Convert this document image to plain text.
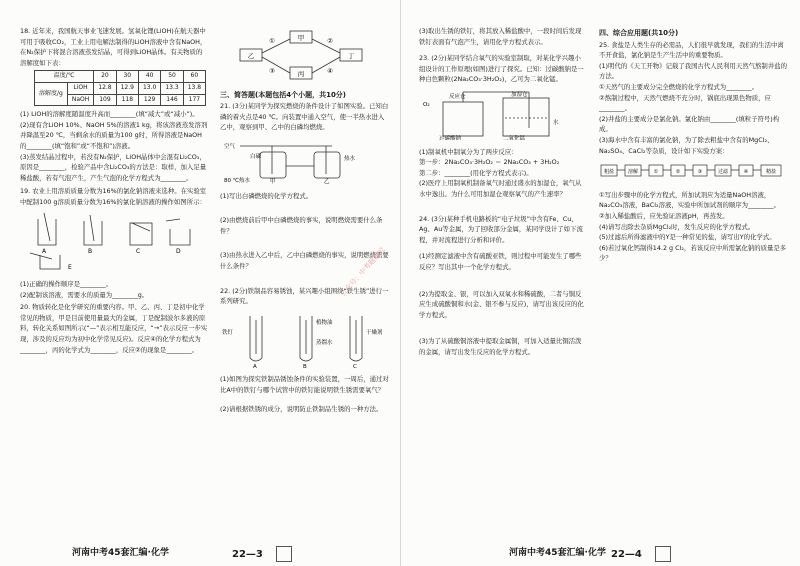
18. 近年来，我国航天事业飞速发展。氢氧化锂(LiOH)在航天器中可用于吸收CO₂，工业上用电解法制得的LiOH溶液中含有NaOH，在N₂保护下将混合溶液蒸发结晶，可得到LiOH晶体。有关物质的溶解度如下表：

温度/℃		20	30	40	50	60
溶解度/g	LiOH	12.8	12.9	13.0	13.3	13.8
	NaOH	109	118	129	146	177

(1) LiOH的溶解度随温度升高而________(填“减大”或“减小”)。

(2)现有含LiOH 10%、NaOH 5%的溶液1 kg，将该溶液蒸发溶剂并降温至20 ℃，当剩余水的质量为100 g时，所得溶液是NaOH的________(填“饱和”或“不饱和”)溶液。

(3)蒸发结晶过程中，若没有N₂保护，LiOH晶体中会混有Li₂CO₃，原因是________，检验产品中含Li₂CO₃的方法是：取样，加入足量稀盐酸，若有气泡产生，产生气泡的化学方程式为________。

19. 农业上用溶质质量分数为16%的氯化钠溶液来选种。在实验室中配制100 g溶质质量分数为16%的氯化钠溶液的操作如图所示：

A	B	C	D
E

(1)正确的操作顺序是________。

(2)配制该溶液，需要水的质量为________g。

20. 物质转化是化学研究的重要内容。甲、乙、丙、丁是初中化学常见的物质，甲是目前使用量最大的金属，丁是配制波尔多液的原料，转化关系如图所示(“—”表示相互能反应，“→”表示反应一步实现，涉及的反应均为初中化学常见反应)。反应④的化学方程式为________，丙的化学式为________，反应②的现象是________。

甲
乙
丙
丁
①	②
③	④

三、简答题(本题包括4个小题，共10分)

21. (3分)某同学为探究燃烧的条件设计了如图实验。已知白磷的着火点是40 ℃。向装置中通入空气，使一半热水进入乙中，观察到甲、乙中的白磷均燃烧。

空气
白磷	热水
80 ℃热水	甲	乙

(1)写出白磷燃烧的化学方程式。

(2)由燃烧前后甲中白磷燃烧的事实，说明燃烧需要什么条件？

(3)由热水进入乙中后，乙中白磷燃烧的事实，说明燃烧需要什么条件？

22. (2分)铁制品容易锈蚀，某兴趣小组围绕“铁生锈”进行一系列研究。

铁钉
植物油
蒸馏水
干燥剂
A	B	C

(1)如图为探究铁制品锈蚀条件的实验装置，一周后，通过对比A中的铁钉与哪个试管中的铁钉能说明铁生锈需要氧气？

(2)请根据铁锈的成分，说明防止铁制品生锈的一种方法。

河南中考45套汇编·化学	22—3

(3)取出生锈的铁钉，将其放入稀盐酸中，一段时间后发现铁钉表面有气泡产生，请用化学方程式表示。

23. (2分)某同学结合氧气的实验室制取，对某化学兴趣小组设计的工作原理(如图)进行了探究。已知：过碳酸钠是一种白色颗粒(2Na₂CO₃·3H₂O₂)，乙可为二氧化锰。

加湿仓
反应仓
O₂
水
过碳酸钠	二氧化锰

(1)制氧机中制氧分为了两步反应：

第一步：2Na₂CO₃·3H₂O₂ ＝ 2Na₂CO₃ + 3H₂O₂

第二步：________(用化学方程式表示)。

(2)医疗上用制氧机制备氧气时通过盛水的加湿仓，氧气从水中逸出。为什么可用加湿仓观察氧气的产生速率？

24. (3分)某种手机电路板的“电子垃圾”中含有Fe、Cu、Ag、Au等金属，为了回收部分金属，某同学设计了如下流程，并对流程进行分析和评价。

(1)经测定滤液中含有硫酸亚铁，则过程中可能发生了哪些反应？写出其中一个化学方程式。

(2)为提取金、银，可以加入双氧水和稀硫酸，二者与铜反应生成硫酸铜和水(金、银不参与反应)，请写出该反应的化学方程式。

(3)为了从硫酸铜溶液中提取金属铜，可加入适量比铜活泼的金属，请写出发生反应的化学方程式。

四、综合应用题(共10分)

25. 食盐是人类生存的必需品，人们很早就发现，我们的生活中离不开食盐，氯化钠是生产生活中的重要物质。

(1)明代的《天工开物》记载了我国古代人民利用天然气熬制井盐的方法。

①天然气的主要成分完全燃烧的化学方程式为________。

②熬制过程中，天然气燃烧不充分时，锅底出现黑色物质，应________。

(2)井盐的主要成分是氯化钠。氯化钠由________(填粒子符号)构成。

(3)海水中含有丰富的氯化钠，为了除去粗盐中含有的MgCl₂、Na₂SO₄、CaCl₂等杂质，设计如下实验方案：

粗盐	溶解	①	②	③	过滤	④	精盐

①写出步骤中的化学方程式，所加试剂应为适量NaOH溶液，Na₂CO₃溶液，BaCl₂溶液，实验中所加试剂的顺序为________。

②加入稀盐酸后，应先验证溶液pH，再蒸发。

(4)请写出除去杂质MgCl₂时，发生反应的化学方程式。

(5)过滤后所得滤液中的Y是一种常见的盐，请写出Y的化学式。

(6)若过氧化钙制得14.2 g Cl₂，若该反应中所需氯化钠的质量是多少？

河南中考45套汇编·化学 22—4
公众号：中考题研究
